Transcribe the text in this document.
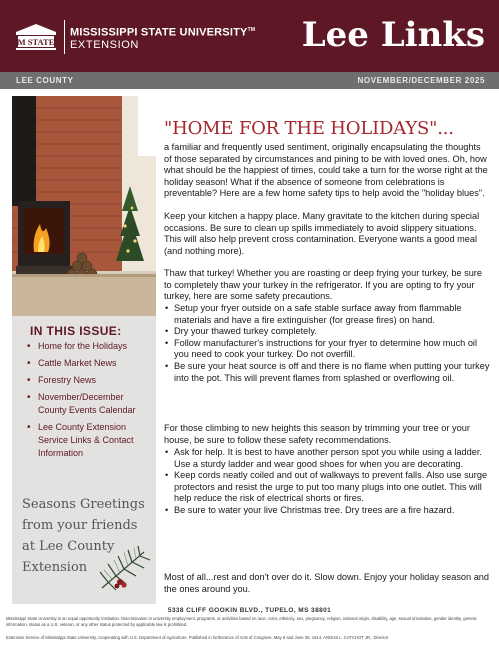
M STATE
MISSISSIPPI STATE UNIVERSITY™
EXTENSION	Lee Links
LEE COUNTY	NOVEMBER/DECEMBER 2025
IN THIS ISSUE:
• Home for the Holidays
• Cattle Market News
• Forestry News
• November/December County Events Calendar
• Lee County Extension Service Links & Contact Information
Seasons Greetings from your friends at Lee County Extension
"HOME FOR THE HOLIDAYS"...
a familiar and frequently used sentiment, originally encapsulating the thoughts of those separated by circumstances and pining to be with loved ones. Oh, how what should be the happiest of times, could take a turn for the worse right at the holiday season! What if the absence of someone from celebrations is preventable? Here are a few home safety tips to help avoid the "holiday blues".
Keep your kitchen a happy place. Many gravitate to the kitchen during special occasions. Be sure to clean up spills immediately to avoid slippery situations. This will also help prevent cross contamination. Everyone wants a good meal (and nothing more).
Thaw that turkey! Whether you are roasting or deep frying your turkey, be sure to completely thaw your turkey in the refrigerator. If you are opting to fry your turkey, here are some safety precautions.
• Setup your fryer outside on a safe stable surface away from flammable materials and have a fire extinguisher (for grease fires) on hand.
• Dry your thawed turkey completely.
• Follow manufacturer's instructions for your fryer to determine how much oil you need to cook your turkey. Do not overfill.
• Be sure your heat source is off and there is no flame when putting your turkey into the pot. This will prevent flames from splashed or overflowing oil.
For those climbing to new heights this season by trimming your tree or your house, be sure to follow these safety recommendations.
• Ask for help. It is best to have another person spot you while using a ladder. Use a sturdy ladder and wear good shoes for when you are decorating.
• Keep cords neatly coiled and out of walkways to prevent falls. Also use surge protectors and resist the urge to put too many plugs into one outlet. This will help reduce the risk of electrical shorts or fires.
• Be sure to water your live Christmas tree. Dry trees are a fire hazard.
Most of all...rest and don't over do it. Slow down. Enjoy your holiday season and the ones around you.
5338 CLIFF GOOKIN BLVD., TUPELO, MS 38801
Mississippi State University is an equal opportunity institution. Discrimination in university employment, programs, or activities based on race, color, ethnicity, sex, pregnancy, religion, national origin, disability, age, sexual orientation, gender identity, genetic information, status as a U.S. veteran, or any other status protected by applicable law is prohibited.
Extension Service of Mississippi State University, cooperating with U.S. Department of Agriculture. Published in furtherance of Acts of Congress, May 8 and June 30, 1914. ANGUS L. CATCHOT JR., Director
